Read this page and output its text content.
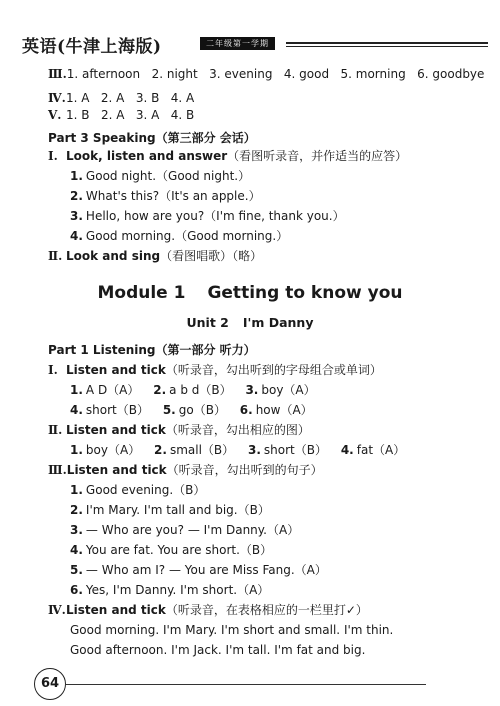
英语(牛津上海版)	二年级第一学期
Ⅲ.1. afternoon   2. night   3. evening   4. good   5. morning   6. goodbye
Ⅳ.1. A   2. A   3. B   4. A
Ⅴ. 1. B   2. A   3. A   4. B
Part 3 Speaking（第三部分 会话）
Ⅰ. Look, listen and answer（看图听录音，并作适当的应答）
1. Good night.（Good night.）
2. What's this?（It's an apple.）
3. Hello, how are you?（I'm fine, thank you.）
4. Good morning.（Good morning.）
Ⅱ. Look and sing（看图唱歌）（略）
Module 1 Getting to know you
Unit 2 I'm Danny
Part 1 Listening（第一部分 听力）
Ⅰ. Listen and tick（听录音，勾出听到的字母组合或单词）
1. A D（A） 2. a b d（B） 3. boy（A）
4. short（B） 5. go（B） 6. how（A）
Ⅱ. Listen and tick（听录音，勾出相应的图）
1. boy（A） 2. small（B） 3. short（B） 4. fat（A）
Ⅲ.Listen and tick（听录音，勾出听到的句子）
1. Good evening.（B）
2. I'm Mary. I'm tall and big.（B）
3. — Who are you? — I'm Danny.（A）
4. You are fat. You are short.（B）
5. — Who am I? — You are Miss Fang.（A）
6. Yes, I'm Danny. I'm short.（A）
Ⅳ.Listen and tick（听录音，在表格相应的一栏里打✓）
Good morning. I'm Mary. I'm short and small. I'm thin.
Good afternoon. I'm Jack. I'm tall. I'm fat and big.
64
